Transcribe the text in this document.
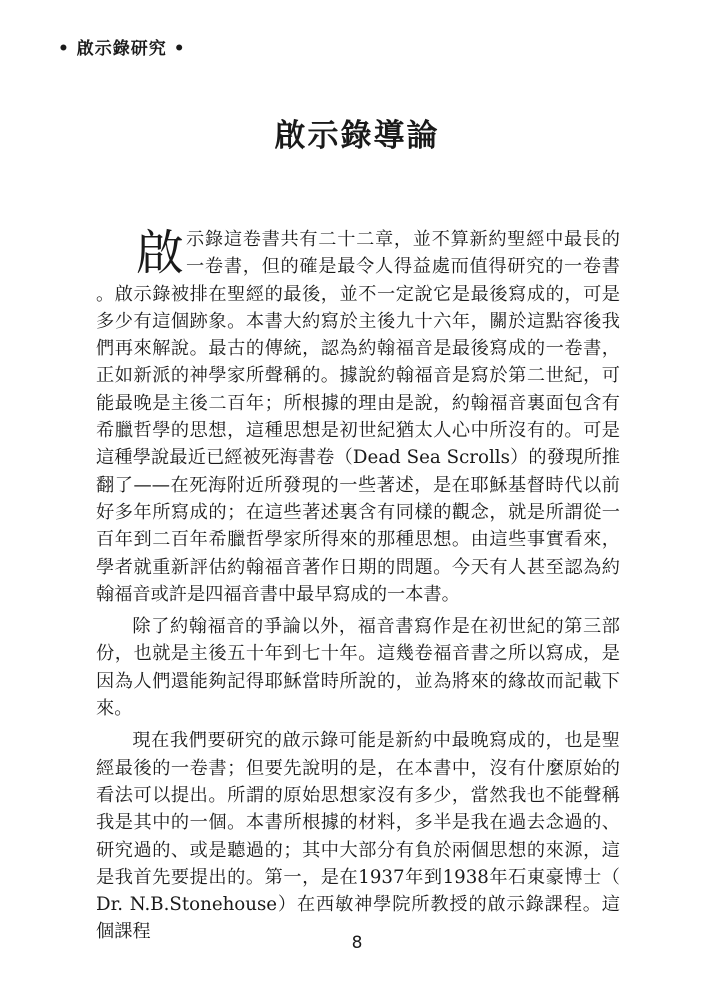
• 啟示錄研究 •
啟示錄導論

啟示錄這卷書共有二十二章，並不算新約聖經中最長的一卷書，但的確是最令人得益處而值得研究的一卷書。啟示錄被排在聖經的最後，並不一定說它是最後寫成的，可是多少有這個跡象。本書大約寫於主後九十六年，關於這點容後我們再來解說。最古的傳統，認為約翰福音是最後寫成的一卷書，正如新派的神學家所聲稱的。據說約翰福音是寫於第二世紀，可能最晚是主後二百年；所根據的理由是說，約翰福音裏面包含有希臘哲學的思想，這種思想是初世紀猶太人心中所沒有的。可是這種學說最近已經被死海書卷（Dead Sea Scrolls）的發現所推翻了——在死海附近所發現的一些著述，是在耶穌基督時代以前好多年所寫成的；在這些著述裏含有同樣的觀念，就是所謂從一百年到二百年希臘哲學家所得來的那種思想。由這些事實看來，學者就重新評估約翰福音著作日期的問題。今天有人甚至認為約翰福音或許是四福音書中最早寫成的一本書。

除了約翰福音的爭論以外，福音書寫作是在初世紀的第三部份，也就是主後五十年到七十年。這幾卷福音書之所以寫成，是因為人們還能夠記得耶穌當時所說的，並為將來的緣故而記載下來。

現在我們要研究的啟示錄可能是新約中最晚寫成的，也是聖經最後的一卷書；但要先說明的是，在本書中，沒有什麼原始的看法可以提出。所謂的原始思想家沒有多少，當然我也不能聲稱我是其中的一個。本書所根據的材料，多半是我在過去念過的、研究過的、或是聽過的；其中大部分有負於兩個思想的來源，這是我首先要提出的。第一，是在1937年到1938年石東豪博士（Dr. N.B.Stonehouse）在西敏神學院所教授的啟示錄課程。這個課程

8
